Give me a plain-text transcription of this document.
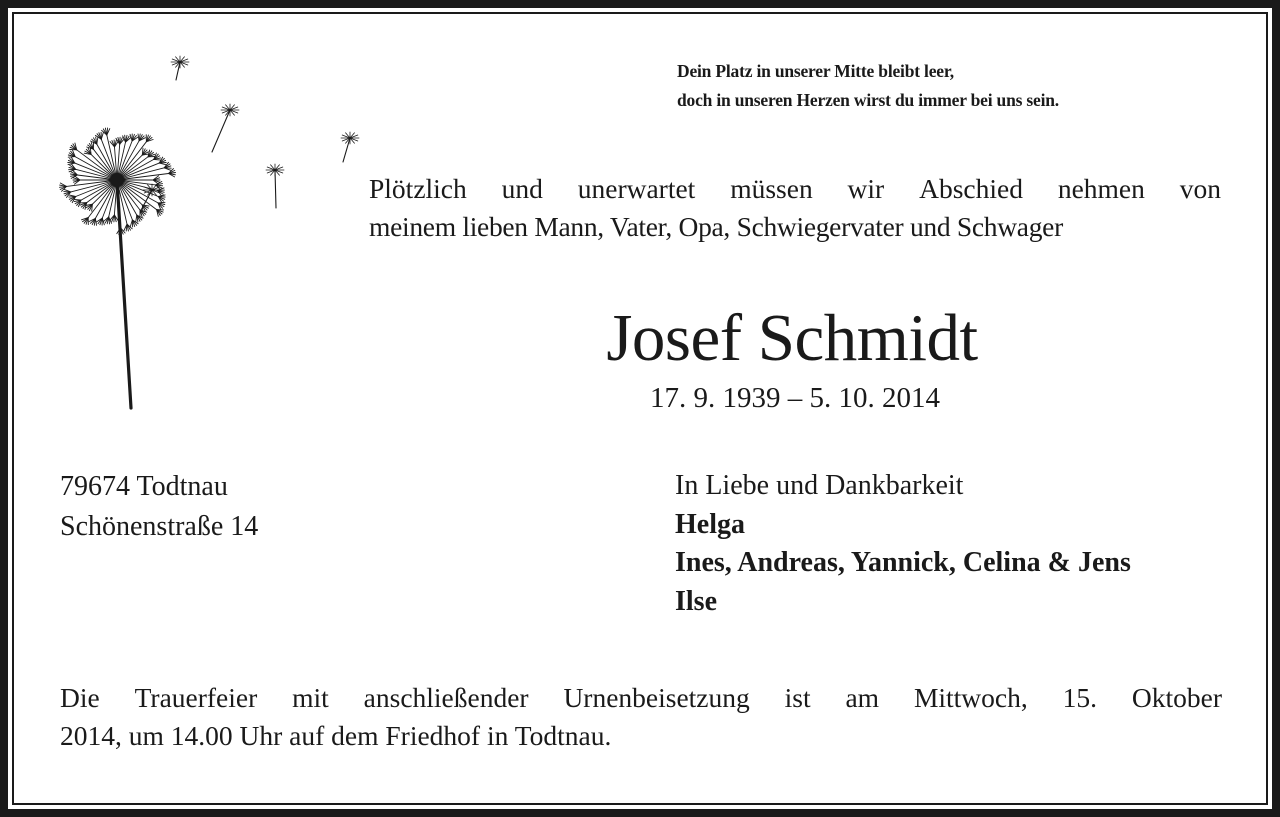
Dein Platz in unserer Mitte bleibt leer,
doch in unseren Herzen wirst du immer bei uns sein.
Plötzlich und unerwartet müssen wir Abschied nehmen von
meinem lieben Mann, Vater, Opa, Schwiegervater und Schwager
Josef Schmidt
17. 9. 1939 – 5. 10. 2014
79674 Todtnau
Schönenstraße 14
In Liebe und Dankbarkeit
Helga
Ines, Andreas, Yannick, Celina & Jens
Ilse
Die Trauerfeier mit anschließender Urnenbeisetzung ist am Mittwoch, 15. Oktober
2014, um 14.00 Uhr auf dem Friedhof in Todtnau.
